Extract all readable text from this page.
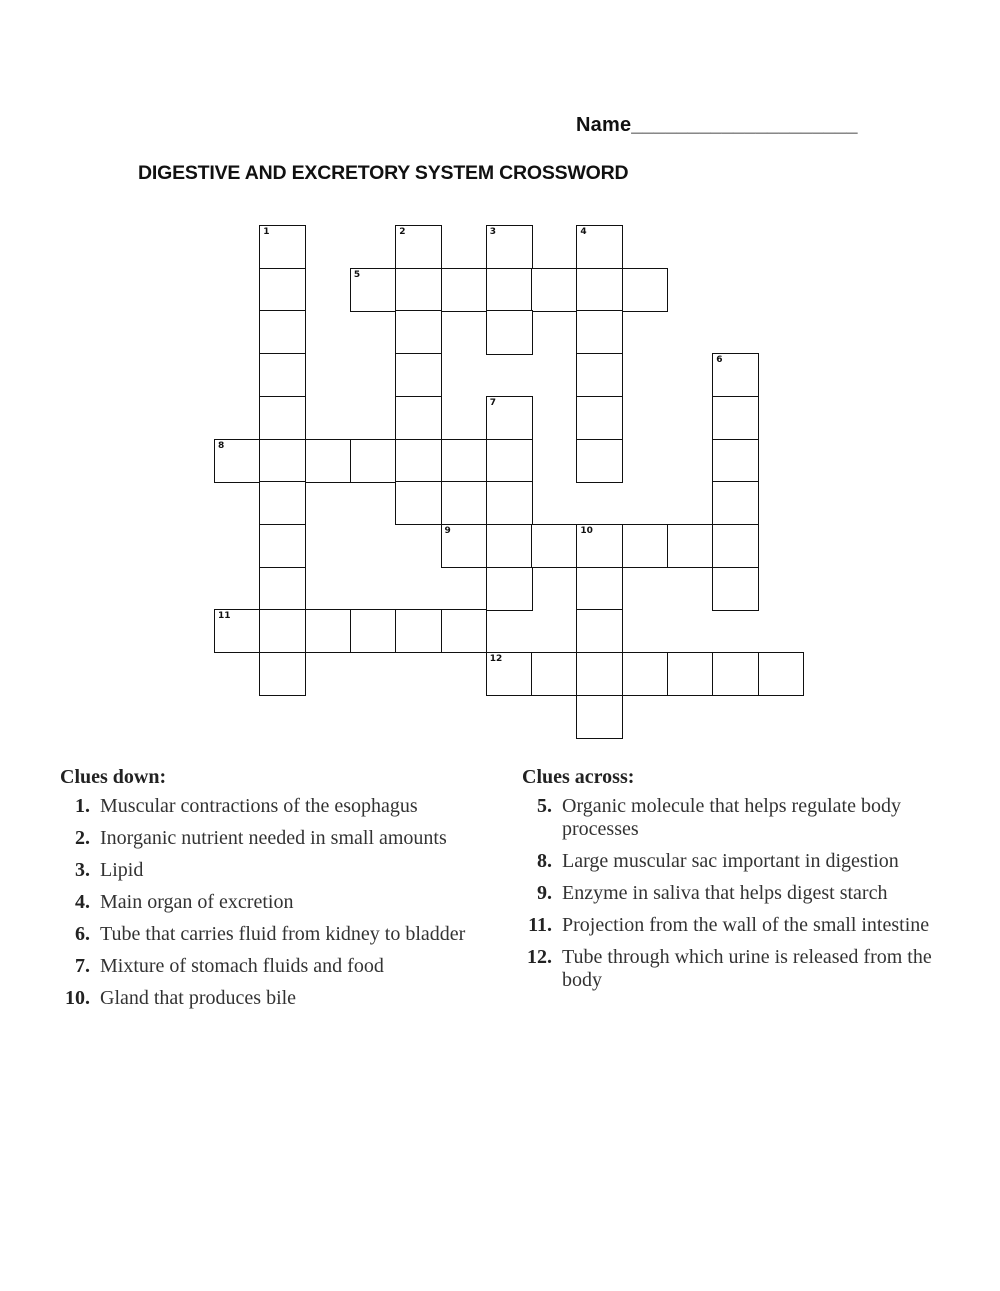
Name____________________
DIGESTIVE AND EXCRETORY SYSTEM CROSSWORD
1	2	3	4
5
6
7
8
9	10
11
12
Clues down:
1. Muscular contractions of the esophagus
2. Inorganic nutrient needed in small amounts
3. Lipid
4. Main organ of excretion
6. Tube that carries fluid from kidney to bladder
7. Mixture of stomach fluids and food
10. Gland that produces bile
Clues across:
5. Organic molecule that helps regulate body processes
8. Large muscular sac important in digestion
9. Enzyme in saliva that helps digest starch
11. Projection from the wall of the small intestine
12. Tube through which urine is released from the body
